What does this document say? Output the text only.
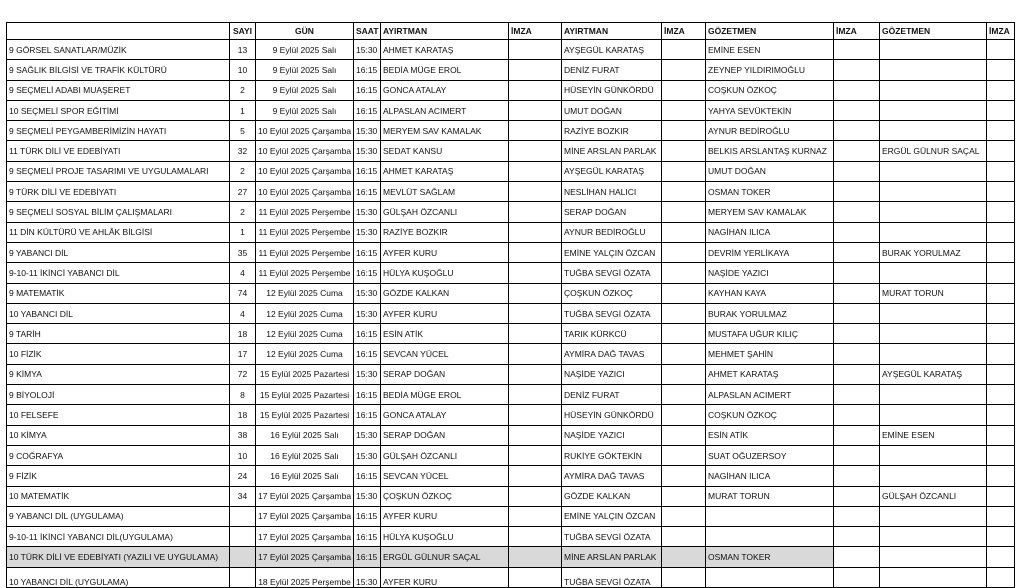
	SAYI	GÜN	SAAT	AYIRTMAN	İMZA	AYIRTMAN	İMZA	GÖZETMEN	İMZA	GÖZETMEN	İMZA
9 GÖRSEL SANATLAR/MÜZİK	13	9 Eylül 2025 Salı	15:30	AHMET KARATAŞ		AYŞEGÜL KARATAŞ		EMİNE ESEN			
9 SAĞLIK BİLGİSİ VE TRAFİK KÜLTÜRÜ	10	9 Eylül 2025 Salı	16:15	BEDİA MÜGE EROL		DENİZ FURAT		ZEYNEP YILDIRIMOĞLU			
9 SEÇMELİ ADABI MUAŞERET	2	9 Eylül 2025 Salı	16:15	GONCA ATALAY		HÜSEYİN GÜNKÖRDÜ		COŞKUN ÖZKOÇ			
10 SEÇMELİ SPOR EĞİTİMİ	1	9 Eylül 2025 Salı	16:15	ALPASLAN ACIMERT		UMUT DOĞAN		YAHYA SEVÜKTEKİN			
9 SEÇMELİ PEYGAMBERİMİZİN HAYATI	5	10 Eylül 2025 Çarşamba	15:30	MERYEM SAV KAMALAK		RAZİYE BOZKIR		AYNUR BEDİROĞLU			
11 TÜRK DİLİ VE EDEBİYATI	32	10 Eylül 2025 Çarşamba	15:30	SEDAT KANSU		MİNE ARSLAN PARLAK		BELKIS ARSLANTAŞ KURNAZ		ERGÜL GÜLNUR SAÇAL	
9 SEÇMELİ PROJE TASARIMI VE UYGULAMALARI	2	10 Eylül 2025 Çarşamba	16:15	AHMET KARATAŞ		AYŞEGÜL KARATAŞ		UMUT DOĞAN			
9 TÜRK DİLİ VE EDEBİYATI	27	10 Eylül 2025 Çarşamba	16:15	MEVLÜT SAĞLAM		NESLİHAN HALICI		OSMAN TOKER			
9 SEÇMELİ SOSYAL BİLİM ÇALIŞMALARI	2	11 Eylül 2025 Perşembe	15:30	GÜLŞAH ÖZCANLI		SERAP DOĞAN		MERYEM SAV KAMALAK			
11 DİN KÜLTÜRÜ VE AHLÂK BİLGİSİ	1	11 Eylül 2025 Perşembe	15:30	RAZİYE BOZKIR		AYNUR BEDİROĞLU		NAGİHAN ILICA			
9 YABANCI DİL	35	11 Eylül 2025 Perşembe	16:15	AYFER KURU		EMİNE YALÇIN ÖZCAN		DEVRİM YERLİKAYA		BURAK YORULMAZ	
9-10-11 İKİNCİ YABANCI DİL	4	11 Eylül 2025 Perşembe	16:15	HÜLYA KUŞOĞLU		TUĞBA SEVGİ ÖZATA		NAŞİDE YAZICI			
9 MATEMATİK	74	12 Eylül 2025 Cuma	15:30	GÖZDE KALKAN		ÇOŞKUN ÖZKOÇ		KAYHAN KAYA		MURAT TORUN	
10 YABANCI DİL	4	12 Eylül 2025 Cuma	15:30	AYFER KURU		TUĞBA SEVGİ ÖZATA		BURAK YORULMAZ			
9 TARİH	18	12 Eylül 2025 Cuma	16:15	ESİN ATİK		TARIK KÜRKCÜ		MUSTAFA UĞUR KILIÇ			
10 FİZİK	17	12 Eylül 2025 Cuma	16:15	SEVCAN YÜCEL		AYMİRA DAĞ TAVAS		MEHMET ŞAHİN			
9 KİMYA	72	15 Eylül 2025 Pazartesi	15:30	SERAP DOĞAN		NAŞİDE YAZICI		AHMET KARATAŞ		AYŞEGÜL KARATAŞ	
9 BİYOLOJİ	8	15 Eylül 2025 Pazartesi	16:15	BEDİA MÜGE EROL		DENİZ FURAT		ALPASLAN ACIMERT			
10 FELSEFE	18	15 Eylül 2025 Pazartesi	16:15	GONCA ATALAY		HÜSEYİN GÜNKÖRDÜ		COŞKUN ÖZKOÇ			
10 KİMYA	38	16 Eylül 2025 Salı	15:30	SERAP DOĞAN		NAŞİDE YAZICI		ESİN ATİK		EMİNE ESEN	
9 COĞRAFYA	10	16 Eylül 2025 Salı	15:30	GÜLŞAH ÖZCANLI		RUKİYE GÖKTEKİN		SUAT OĞUZERSOY			
9 FİZİK	24	16 Eylül 2025 Salı	16:15	SEVCAN YÜCEL		AYMİRA DAĞ TAVAS		NAGİHAN ILICA			
10 MATEMATİK	34	17 Eylül 2025 Çarşamba	15:30	ÇOŞKUN ÖZKOÇ		GÖZDE KALKAN		MURAT TORUN		GÜLŞAH ÖZCANLI	
9 YABANCI DİL (UYGULAMA)		17 Eylül 2025 Çarşamba	16:15	AYFER KURU		EMİNE YALÇIN ÖZCAN					
9-10-11 İKİNCİ YABANCI DİL(UYGULAMA)		17 Eylül 2025 Çarşamba	16:15	HÜLYA KUŞOĞLU		TUĞBA SEVGİ ÖZATA					
10 TÜRK DİLİ VE EDEBİYATI (YAZILI VE UYGULAMA)		17 Eylül 2025 Çarşamba	16:15	ERGÜL GÜLNUR SAÇAL		MİNE ARSLAN PARLAK		OSMAN TOKER			
10 YABANCI DİL (UYGULAMA)		18 Eylül 2025 Perşembe	15:30	AYFER KURU		TUĞBA SEVGİ ÖZATA					
